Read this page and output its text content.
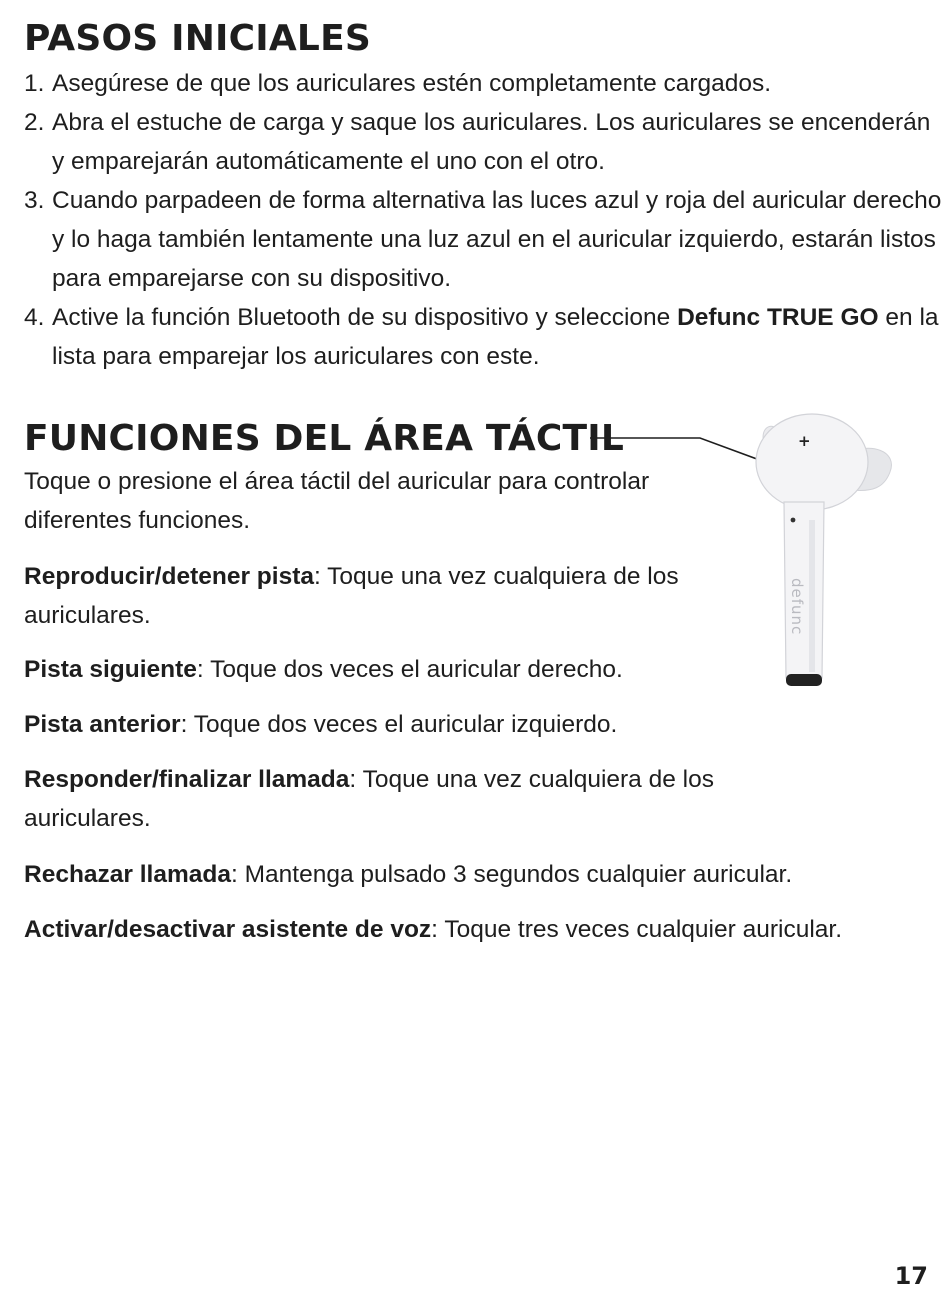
PASOS INICIALES
1. Asegúrese de que los auriculares estén completamente cargados.
2. Abra el estuche de carga y saque los auriculares. Los auriculares se encenderán y emparejarán automáticamente el uno con el otro.
3. Cuando parpadeen de forma alternativa las luces azul y roja del auricular derecho y lo haga también lentamente una luz azul en el auricular izquierdo, estarán listos para emparejarse con su dispositivo.
4. Active la función Bluetooth de su dispositivo y seleccione Defunc TRUE GO en la lista para emparejar los auriculares con este.
FUNCIONES DEL ÁREA TÁCTIL

Toque o presione el área táctil del auricular para controlar diferentes funciones.

Reproducir/detener pista: Toque una vez cualquiera de los auriculares.

Pista siguiente: Toque dos veces el auricular derecho.

Pista anterior: Toque dos veces el auricular izquierdo.

Responder/finalizar llamada: Toque una vez cualquiera de los auriculares.

Rechazar llamada: Mantenga pulsado 3 segundos cualquier auricular.

Activar/desactivar asistente de voz: Toque tres veces cualquier auricular.

+
defunc
17
